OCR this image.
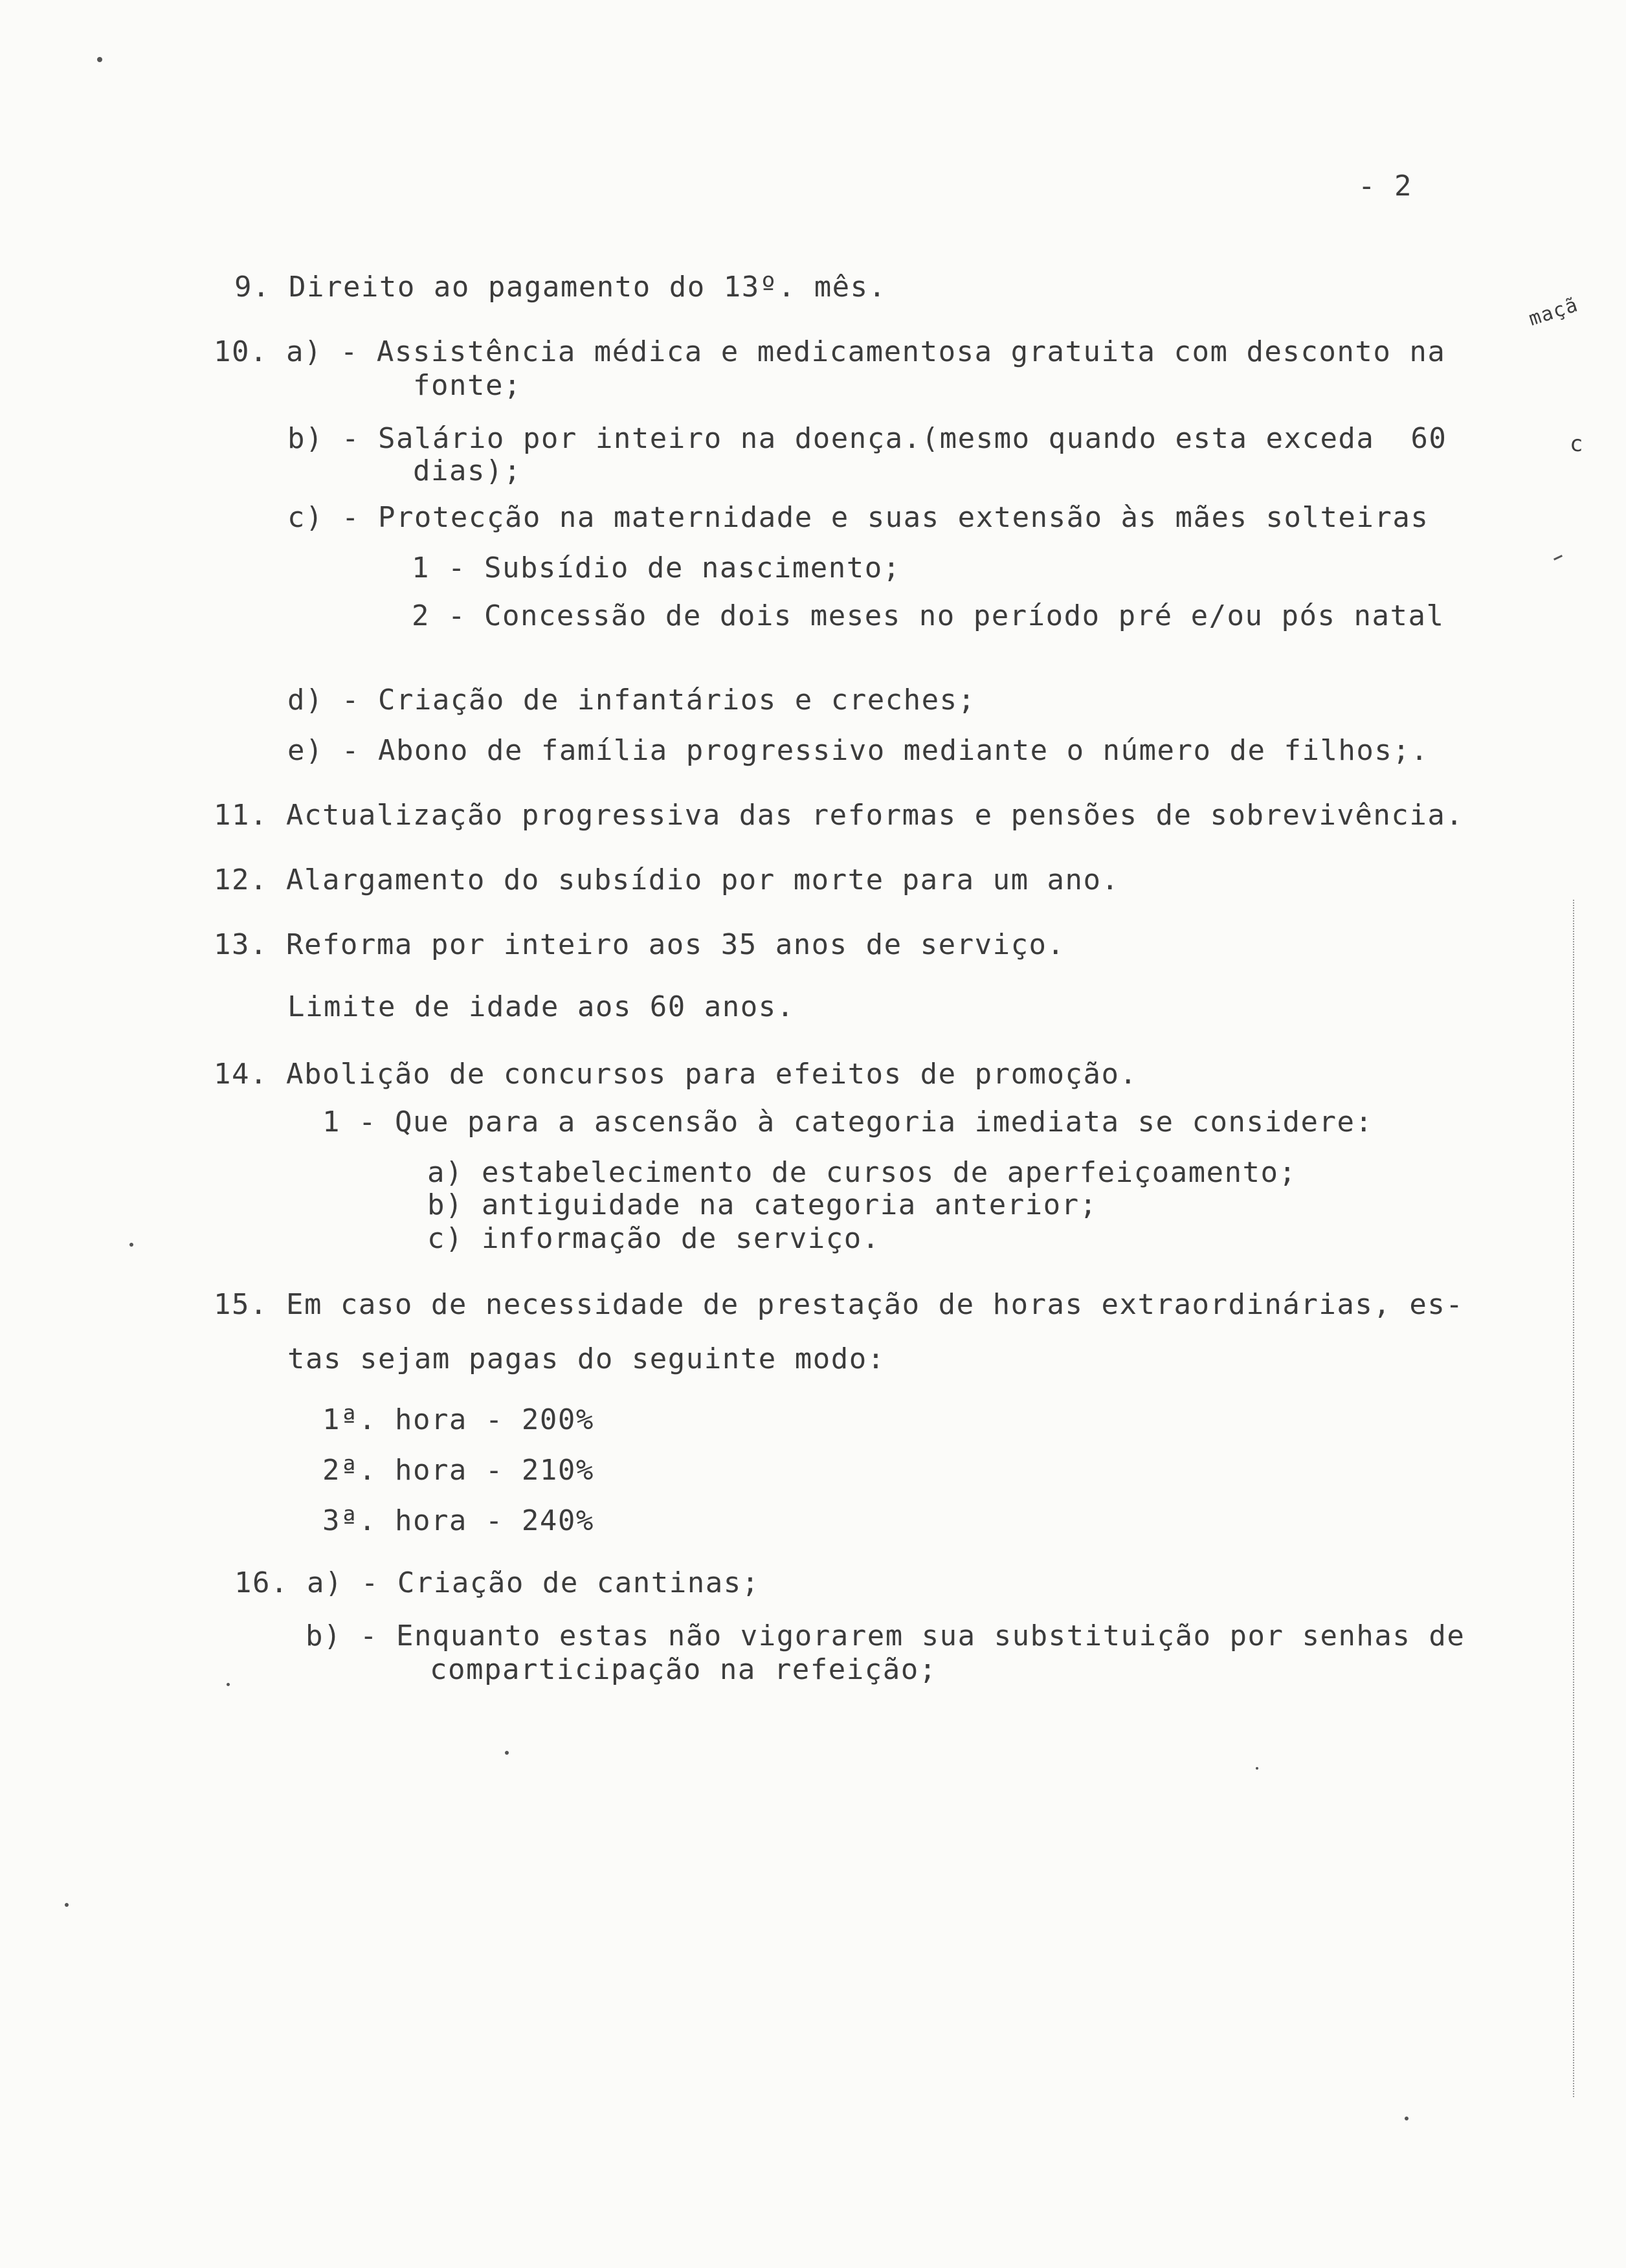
- 2
maçã
c
9. Direito ao pagamento do 13º. mês.
10. a) - Assistência médica e medicamentosa gratuita com desconto na
fonte;
b) - Salário por inteiro na doença.(mesmo quando esta exceda  60
dias);
c) - Protecção na maternidade e suas extensão às mães solteiras
1 - Subsídio de nascimento;
2 - Concessão de dois meses no período pré e/ou pós natal
d) - Criação de infantários e creches;
e) - Abono de família progressivo mediante o número de filhos;.
11. Actualização progressiva das reformas e pensões de sobrevivência.
12. Alargamento do subsídio por morte para um ano.
13. Reforma por inteiro aos 35 anos de serviço.
Limite de idade aos 60 anos.
14. Abolição de concursos para efeitos de promoção.
1 - Que para a ascensão à categoria imediata se considere:
a) estabelecimento de cursos de aperfeiçoamento;
b) antiguidade na categoria anterior;
c) informação de serviço.
15. Em caso de necessidade de prestação de horas extraordinárias, es-
tas sejam pagas do seguinte modo:
1ª. hora - 200%
2ª. hora - 210%
3ª. hora - 240%
16. a) - Criação de cantinas;
b) - Enquanto estas não vigorarem sua substituição por senhas de
comparticipação na refeição;
